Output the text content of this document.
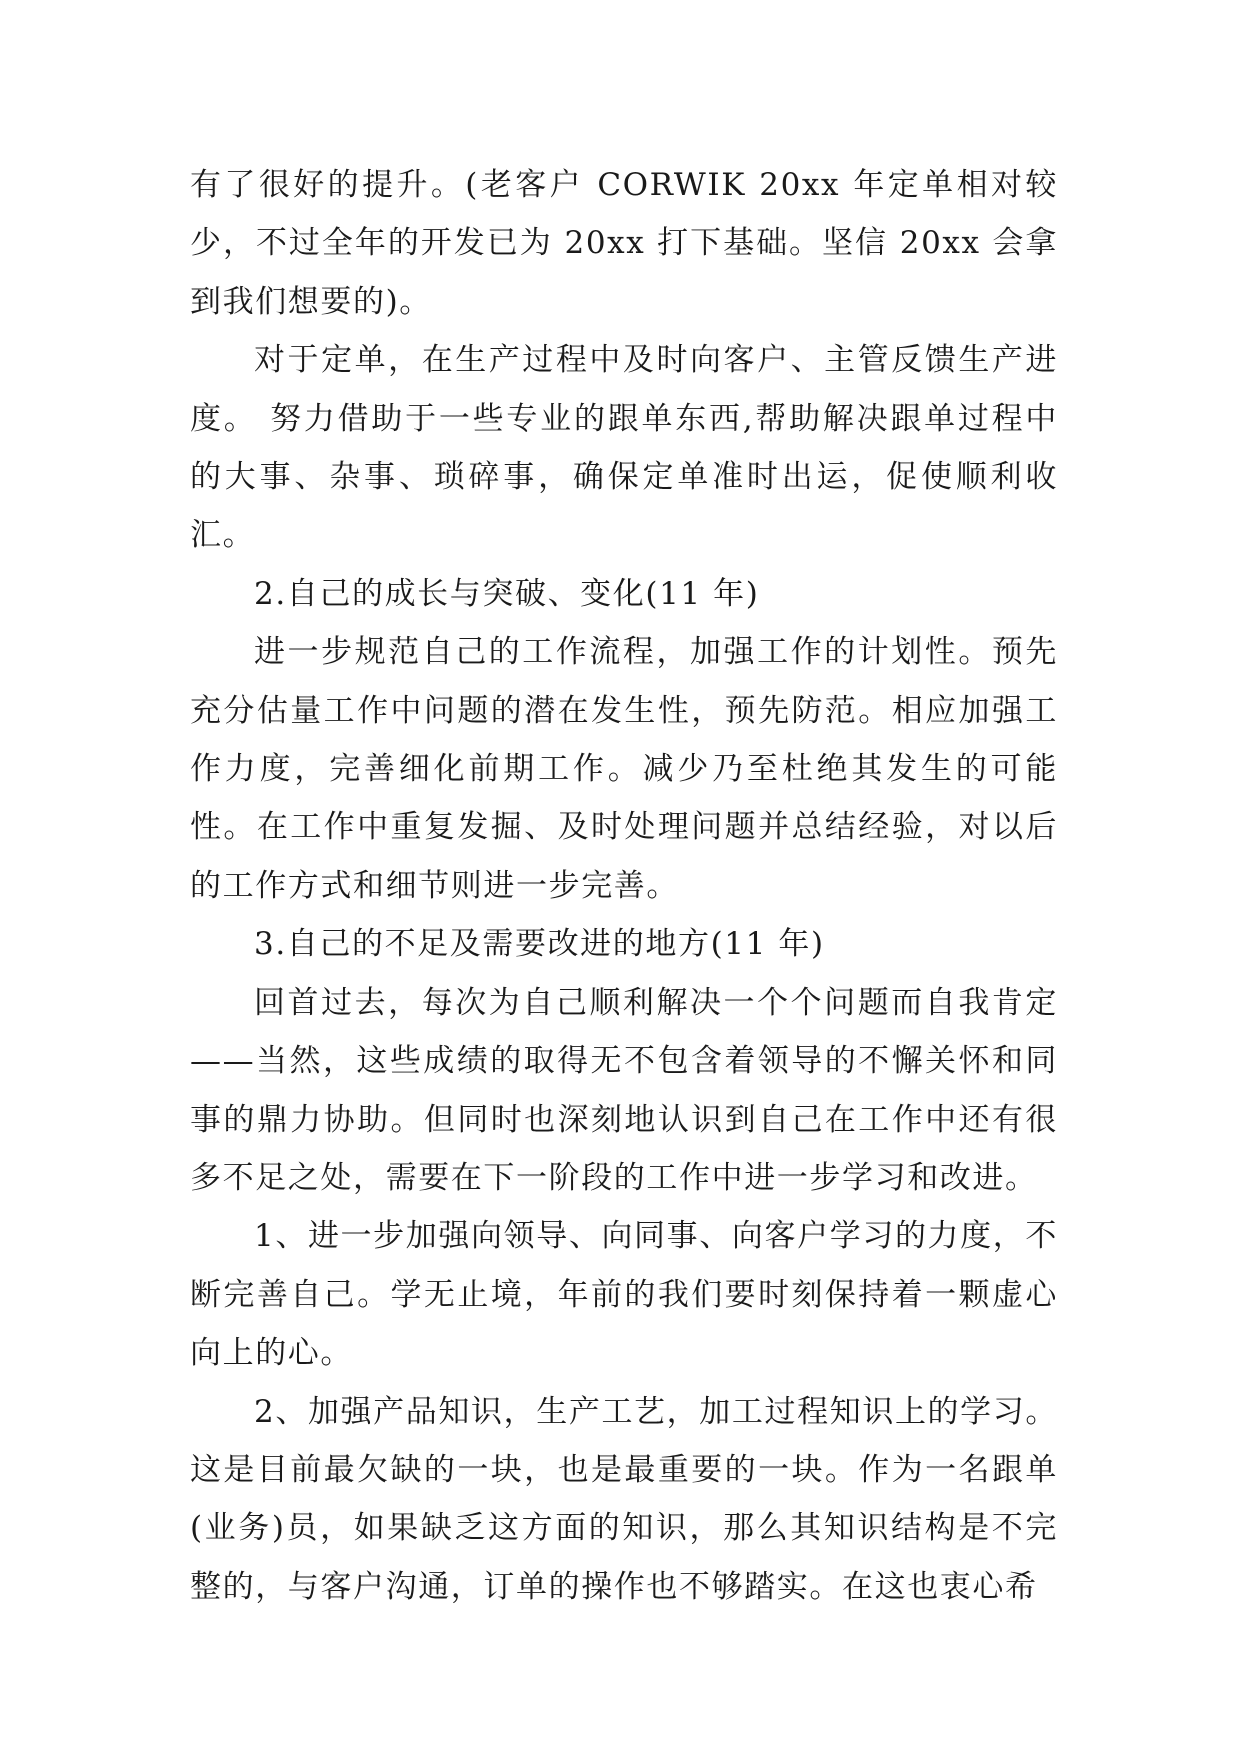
有了很好的提升。(老客户 CORWIK 20xx 年定单相对较少，不过全年的开发已为 20xx 打下基础。坚信 20xx 会拿到我们想要的)。

对于定单，在生产过程中及时向客户、主管反馈生产进度。 努力借助于一些专业的跟单东西,帮助解决跟单过程中的大事、杂事、琐碎事，确保定单准时出运，促使顺利收汇。

2.自己的成长与突破、变化(11 年)

进一步规范自己的工作流程，加强工作的计划性。预先充分估量工作中问题的潜在发生性，预先防范。相应加强工作力度，完善细化前期工作。减少乃至杜绝其发生的可能性。在工作中重复发掘、及时处理问题并总结经验，对以后的工作方式和细节则进一步完善。

3.自己的不足及需要改进的地方(11 年)

回首过去，每次为自己顺利解决一个个问题而自我肯定——当然，这些成绩的取得无不包含着领导的不懈关怀和同事的鼎力协助。但同时也深刻地认识到自己在工作中还有很多不足之处，需要在下一阶段的工作中进一步学习和改进。

1、进一步加强向领导、向同事、向客户学习的力度，不断完善自己。学无止境，年前的我们要时刻保持着一颗虚心向上的心。

2、加强产品知识，生产工艺，加工过程知识上的学习。这是目前最欠缺的一块，也是最重要的一块。作为一名跟单(业务)员，如果缺乏这方面的知识，那么其知识结构是不完整的，与客户沟通，订单的操作也不够踏实。在这也衷心希
